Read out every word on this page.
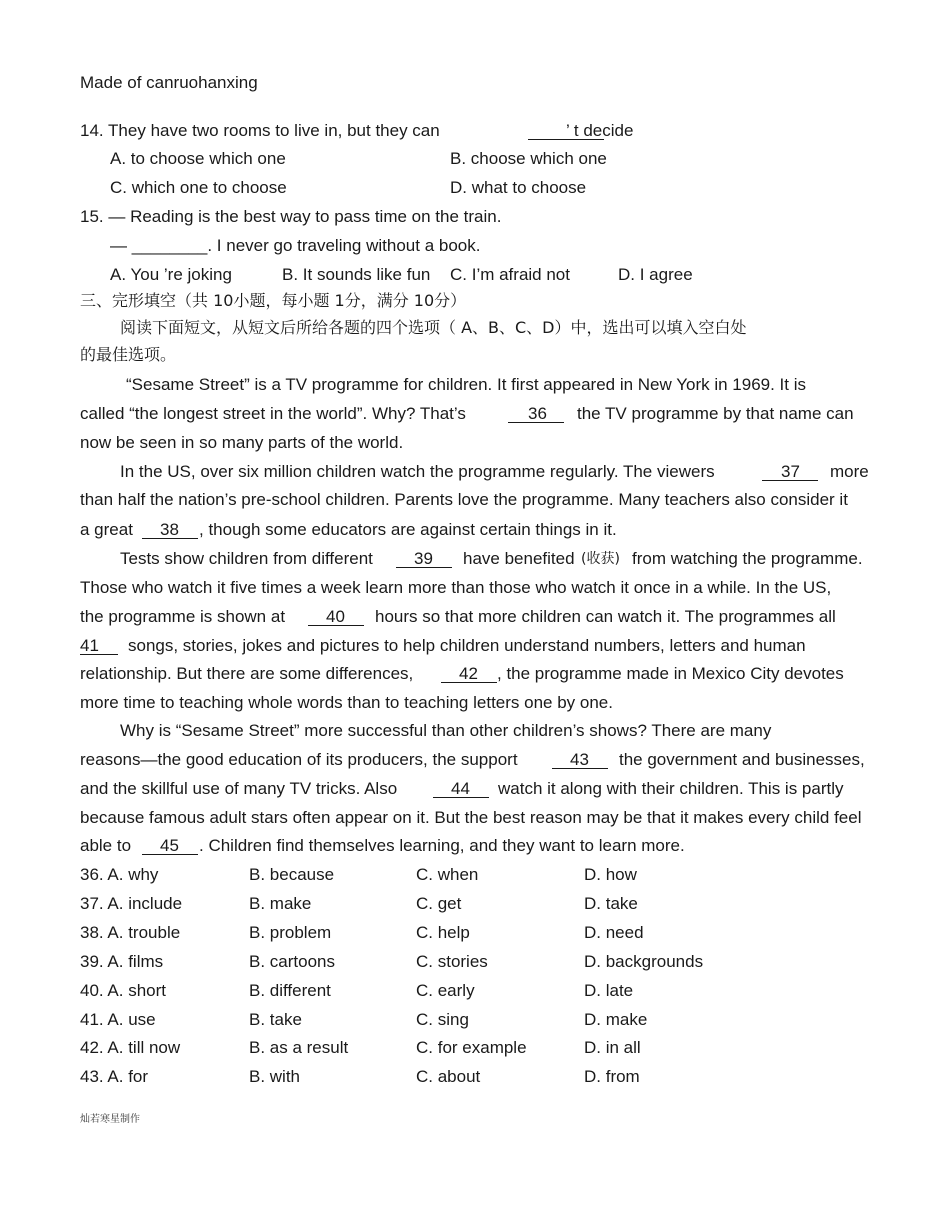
Made of canruohanxing
14. They have two rooms to live in, but they can	’ t decide
A. to choose which one	B. choose which one
C. which one to choose	D. what to choose
15. — Reading is the best way to pass time on the train.
— ________. I never go traveling without a book.
A. You ’re joking	B. It sounds like fun C. I’m afraid not	D. I agree
三、完形填空（共 10小题，每小题 1分，满分 10分）
阅读下面短文，从短文后所给各题的四个选项（ A、B、C、D）中，选出可以填入空白处
的最佳选项。
“Sesame Street” is a TV programme for children. It first appeared in New York in 1969. It is
called “the longest street in the world”. Why? That’s	36 the TV programme by that name can
now be seen in so many parts of the world.
In the US, over six million children watch the programme regularly. The viewers	37 more
than half the nation’s pre-school children. Parents love the programme. Many teachers also consider it
a great 38 , though some educators are against certain things in it.
Tests show children from different 39 have benefited (收获) from watching the programme.
Those who watch it five times a week learn more than those who watch it once in a while. In the US,
the programme is shown at 40 hours so that more children can watch it. The programmes all
41 songs, stories, jokes and pictures to help children understand numbers, letters and human
relationship. But there are some differences,	42 , the programme made in Mexico City devotes
more time to teaching whole words than to teaching letters one by one.
Why is “Sesame Street” more successful than other children’s shows? There are many
reasons—the good education of its producers, the support	43 the government and businesses,
and the skillful use of many TV tricks. Also	44 watch it along with their children. This is partly
because famous adult stars often appear on it. But the best reason may be that it makes every child feel
able to 45 . Children find themselves learning, and they want to learn more.
36. A. why	B. because	C. when	D. how
37. A. include	B. make	C. get	D. take
38. A. trouble	B. problem	C. help	D. need
39. A. films	B. cartoons	C. stories	D. backgrounds
40. A. short	B. different	C. early	D. late
41. A. use	B. take	C. sing	D. make
42. A. till now	B. as a result	C. for example	D. in all
43. A. for	B. with	C. about	D. from
灿若寒星制作
